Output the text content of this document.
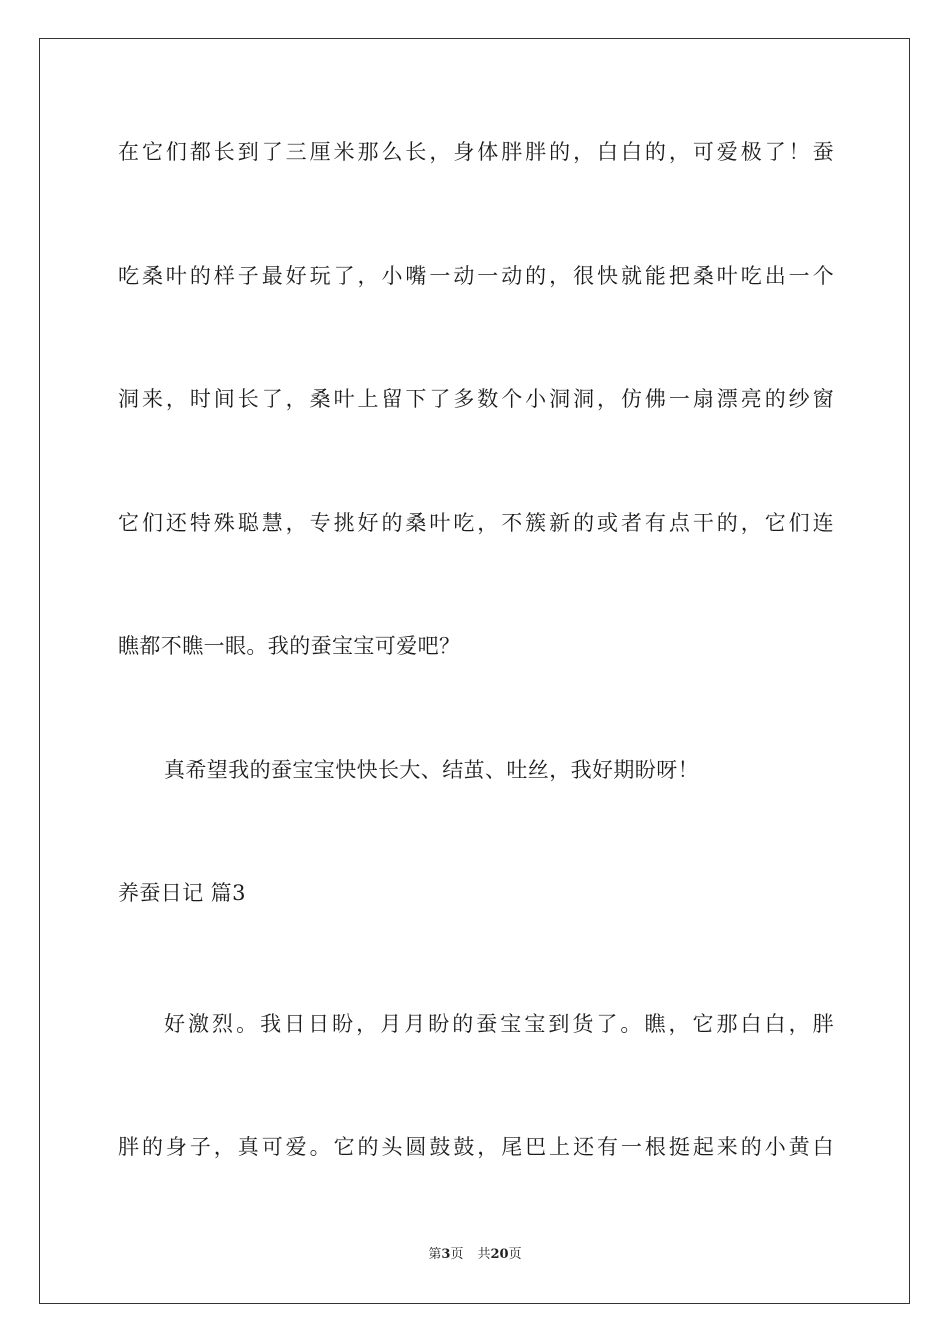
在它们都长到了三厘米那么长，身体胖胖的，白白的，可爱极了！蚕
吃桑叶的样子最好玩了，小嘴一动一动的，很快就能把桑叶吃出一个
洞来，时间长了，桑叶上留下了多数个小洞洞，仿佛一扇漂亮的纱窗
它们还特殊聪慧，专挑好的桑叶吃，不簇新的或者有点干的，它们连
瞧都不瞧一眼。我的蚕宝宝可爱吧？
真希望我的蚕宝宝快快长大、结茧、吐丝，我好期盼呀！
养蚕日记 篇3
好激烈。我日日盼，月月盼的蚕宝宝到货了。瞧，它那白白，胖
胖的身子，真可爱。它的头圆鼓鼓，尾巴上还有一根挺起来的小黄白
第3页 共20页
